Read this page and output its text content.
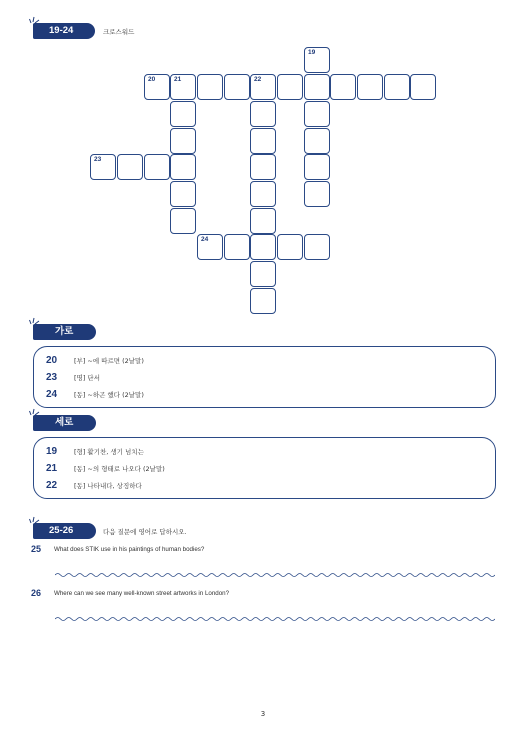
19-24	크로스워드
19
20	21	22
23
24
가로
20	[부] ~에 따르면 (2낱말)
23	[명] 단서
24	[동] ~하곤 했다 (2낱말)
세로
19	[형] 활기찬, 생기 넘치는
21	[동] ~의 형태로 나오다 (2낱말)
22	[동] 나타내다, 상징하다
25-26	다음 질문에 영어로 답하시오.
25 What does STIK use in his paintings of human bodies?
26 Where can we see many well-known street artworks in London?
3
